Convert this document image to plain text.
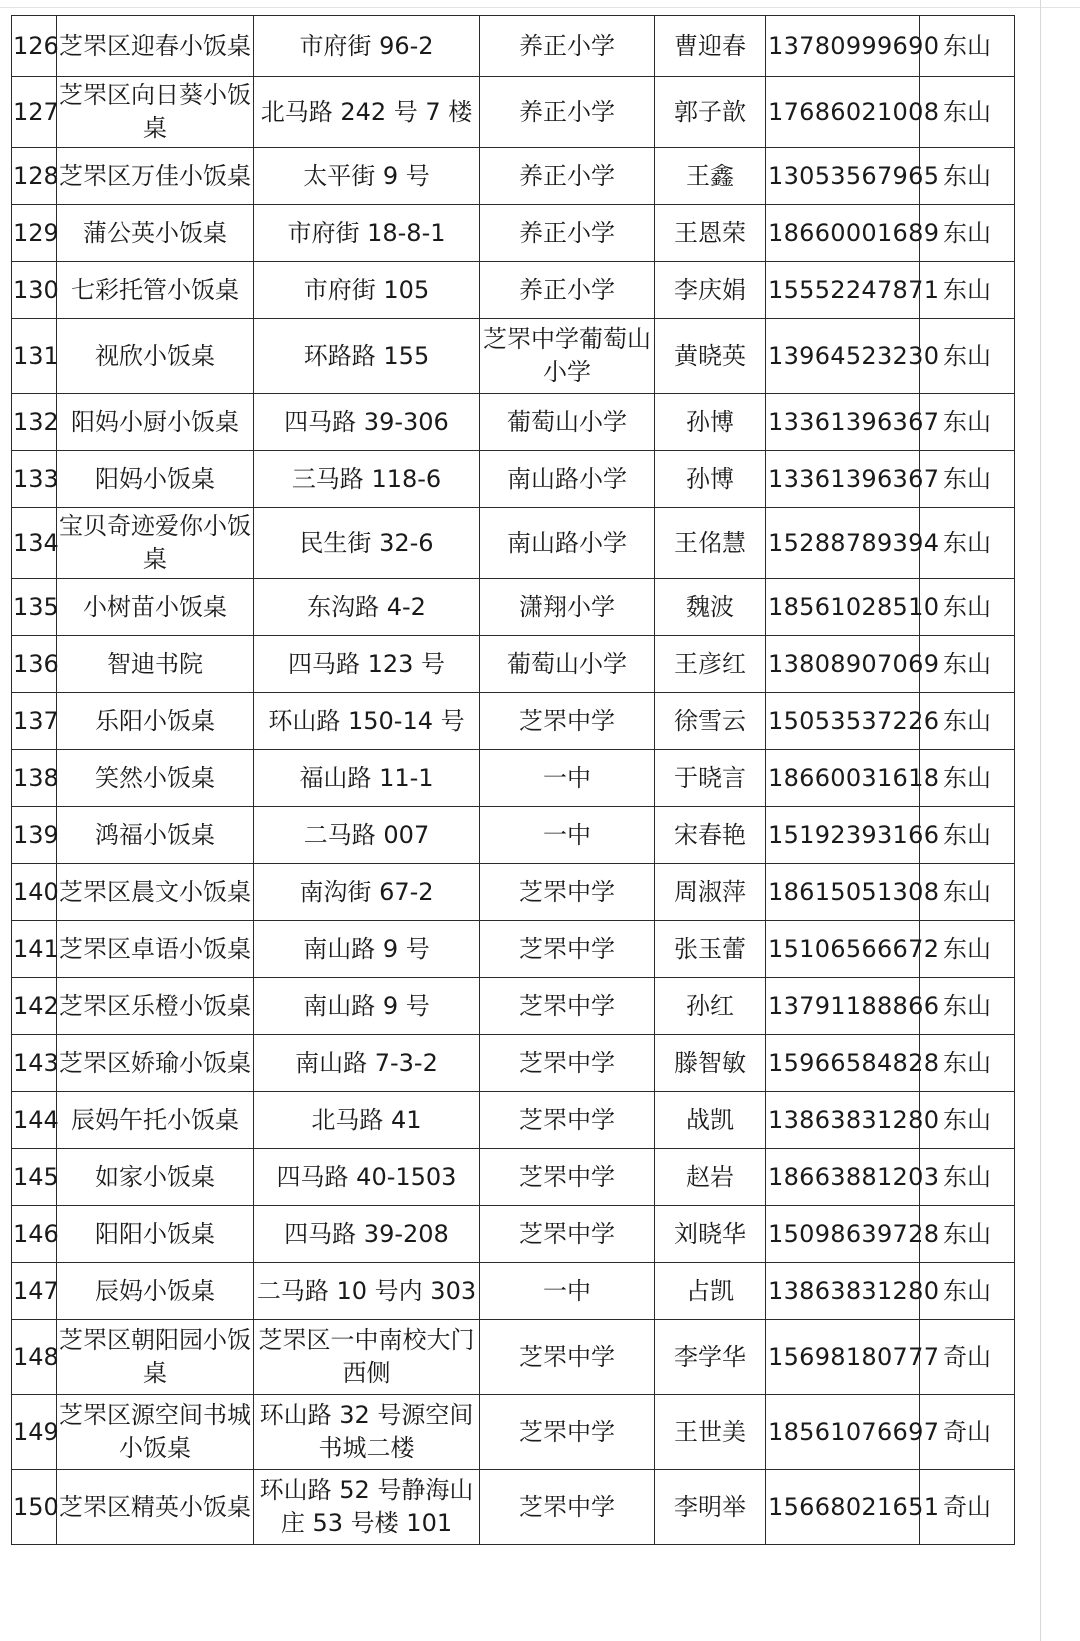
126	芝罘区迎春小饭桌	市府街 96-2	养正小学	曹迎春	13780999690	东山
127	芝罘区向日葵小饭桌	北马路 242 号 7 楼	养正小学	郭子歆	17686021008	东山
128	芝罘区万佳小饭桌	太平街 9 号	养正小学	王鑫	13053567965	东山
129	蒲公英小饭桌	市府街 18-8-1	养正小学	王恩荣	18660001689	东山
130	七彩托管小饭桌	市府街 105	养正小学	李庆娟	15552247871	东山
131	视欣小饭桌	环路路 155	芝罘中学葡萄山小学	黄晓英	13964523230	东山
132	阳妈小厨小饭桌	四马路 39-306	葡萄山小学	孙博	13361396367	东山
133	阳妈小饭桌	三马路 118-6	南山路小学	孙博	13361396367	东山
134	宝贝奇迹爱你小饭桌	民生街 32-6	南山路小学	王佲慧	15288789394	东山
135	小树苗小饭桌	东沟路 4-2	潇翔小学	魏波	18561028510	东山
136	智迪书院	四马路 123 号	葡萄山小学	王彦红	13808907069	东山
137	乐阳小饭桌	环山路 150-14 号	芝罘中学	徐雪云	15053537226	东山
138	笑然小饭桌	福山路 11-1	一中	于晓言	18660031618	东山
139	鸿福小饭桌	二马路 007	一中	宋春艳	15192393166	东山
140	芝罘区晨文小饭桌	南沟街 67-2	芝罘中学	周淑萍	18615051308	东山
141	芝罘区卓语小饭桌	南山路 9 号	芝罘中学	张玉蕾	15106566672	东山
142	芝罘区乐橙小饭桌	南山路 9 号	芝罘中学	孙红	13791188866	东山
143	芝罘区娇瑜小饭桌	南山路 7-3-2	芝罘中学	滕智敏	15966584828	东山
144	辰妈午托小饭桌	北马路 41	芝罘中学	战凯	13863831280	东山
145	如家小饭桌	四马路 40-1503	芝罘中学	赵岩	18663881203	东山
146	阳阳小饭桌	四马路 39-208	芝罘中学	刘晓华	15098639728	东山
147	辰妈小饭桌	二马路 10 号内 303	一中	占凯	13863831280	东山
148	芝罘区朝阳园小饭桌	芝罘区一中南校大门西侧	芝罘中学	李学华	15698180777	奇山
149	芝罘区源空间书城小饭桌	环山路 32 号源空间书城二楼	芝罘中学	王世美	18561076697	奇山
150	芝罘区精英小饭桌	环山路 52 号静海山庄 53 号楼 101	芝罘中学	李明举	15668021651	奇山
